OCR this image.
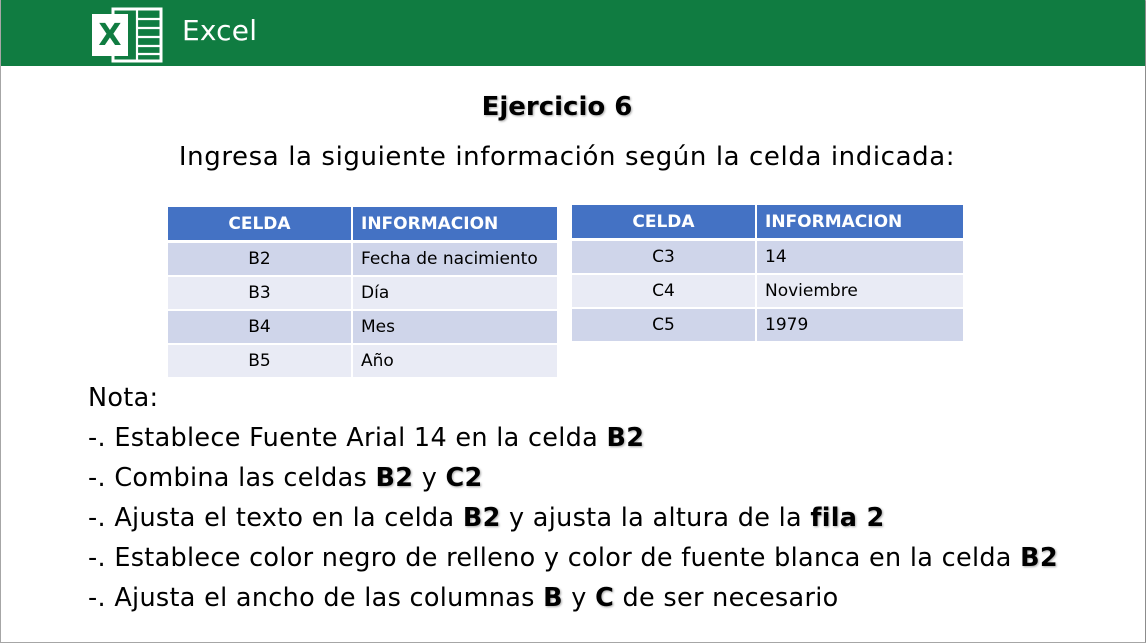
X Excel
Ejercicio 6
Ingresa la siguiente información según la celda indicada:
CELDA	INFORMACION
B2	Fecha de nacimiento
B3	Día
B4	Mes
B5	Año
CELDA	INFORMACION
C3	14
C4	Noviembre
C5	1979
Nota:
-. Establece Fuente Arial 14 en la celda B2
-. Combina las celdas B2 y C2
-. Ajusta el texto en la celda B2 y ajusta la altura de la fila 2
-. Establece color negro de relleno y color de fuente blanca en la celda B2
-. Ajusta el ancho de las columnas B y C de ser necesario
